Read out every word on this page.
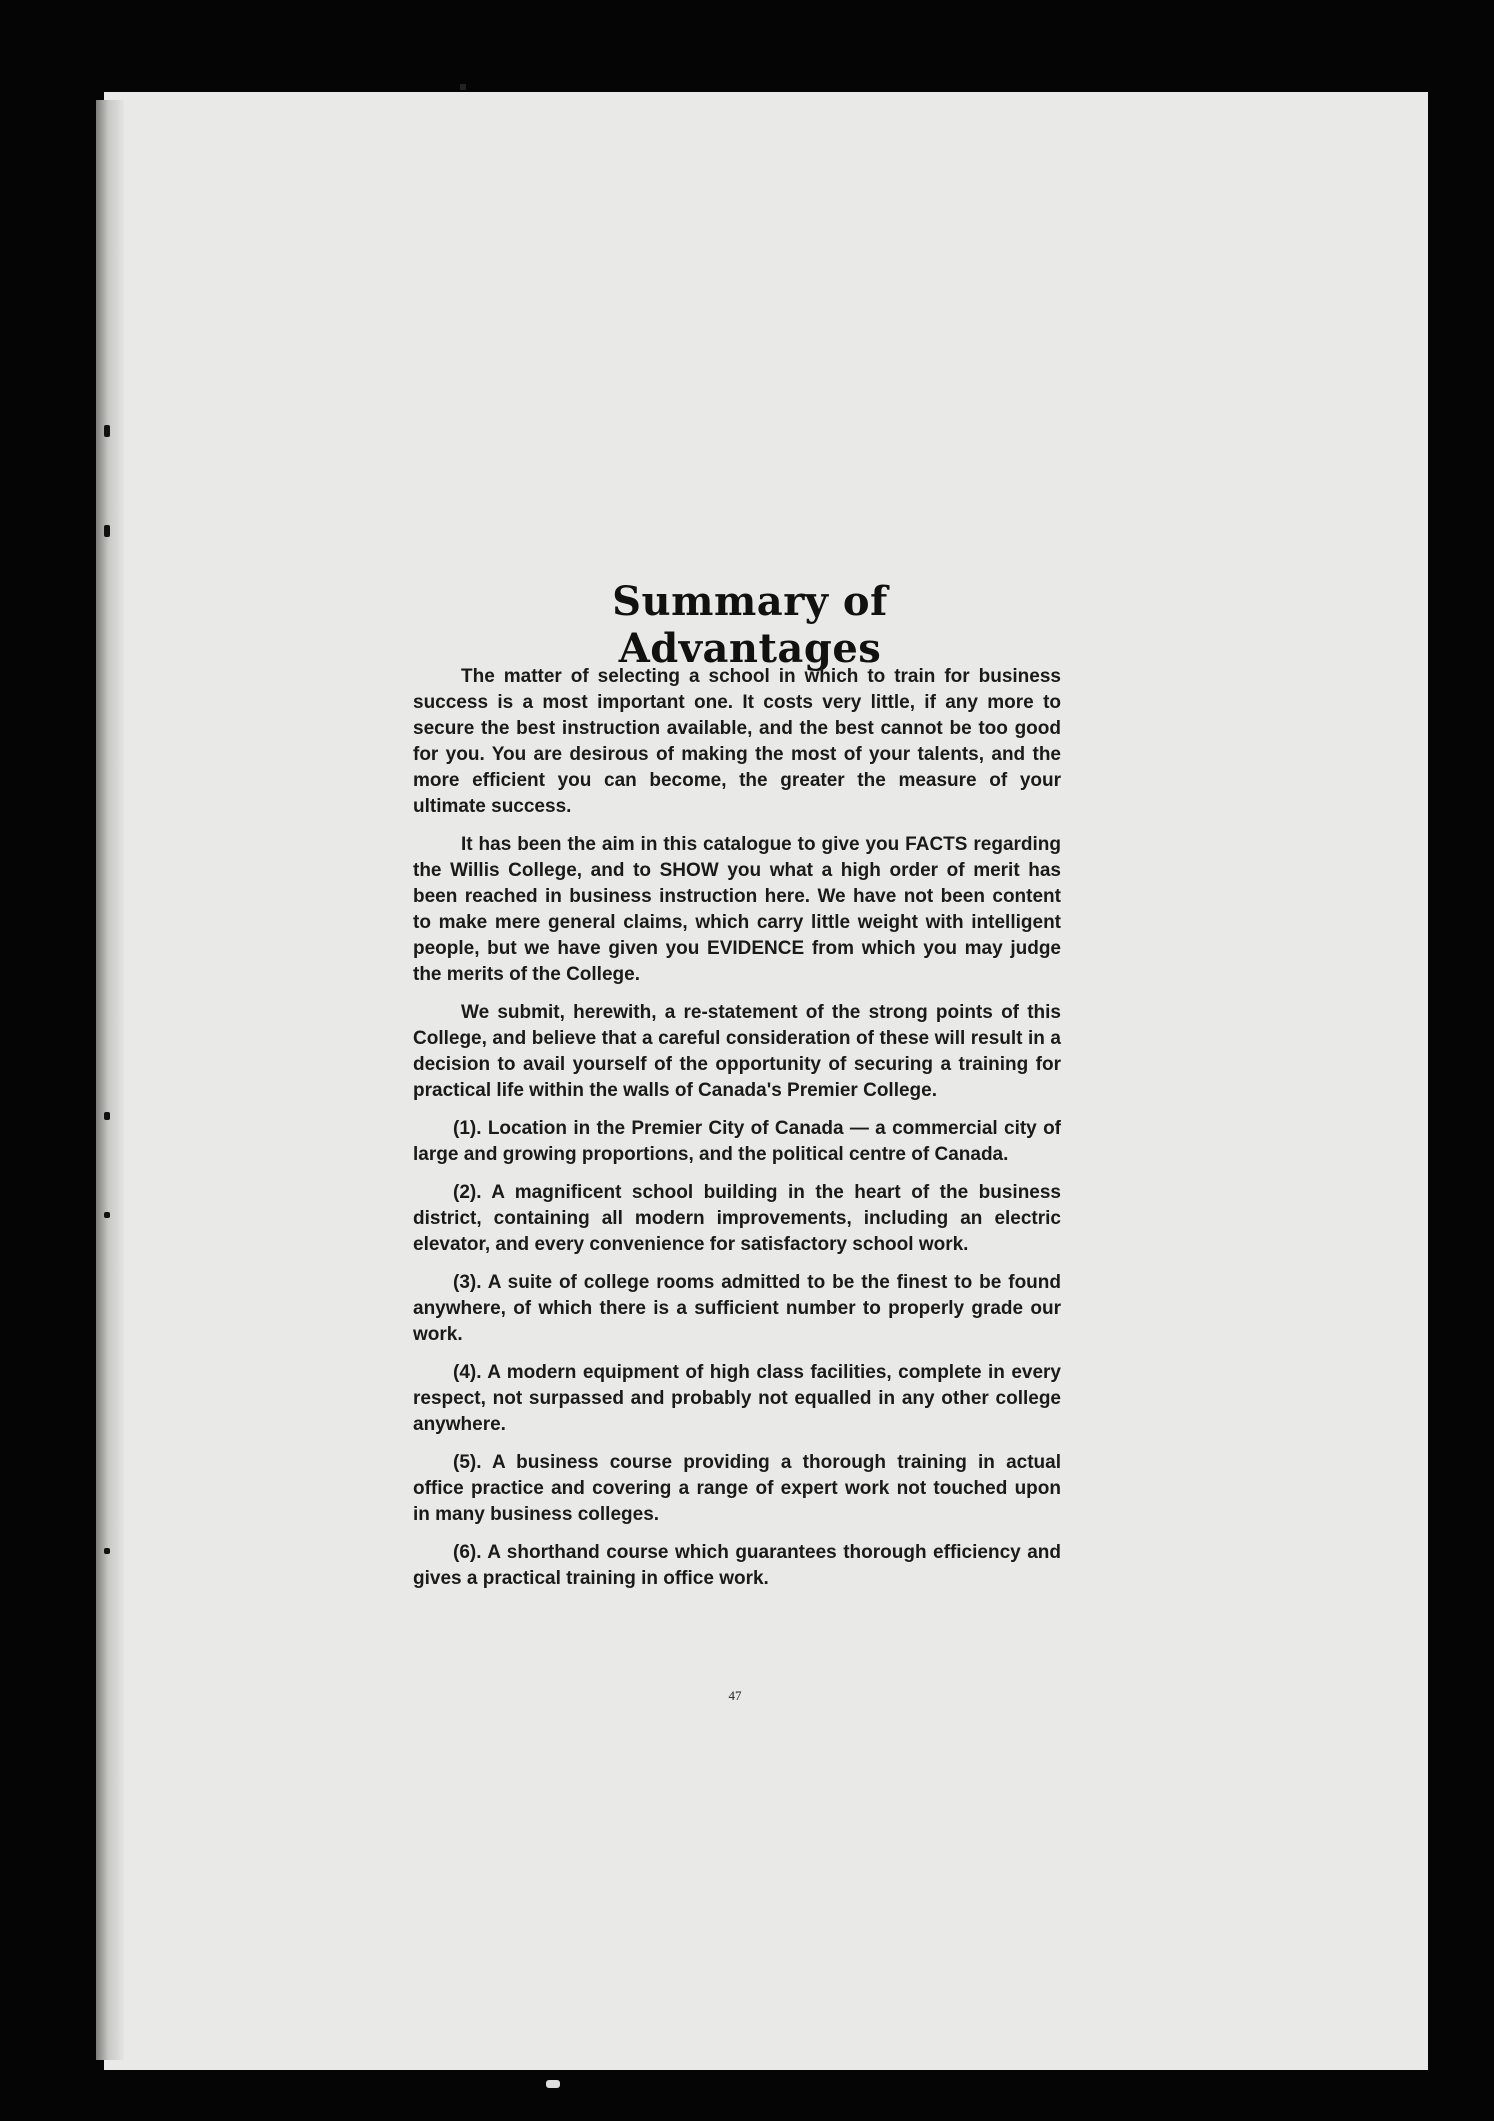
Summary of Advantages

The matter of selecting a school in which to train for business success is a most important one. It costs very little, if any more to secure the best instruction available, and the best cannot be too good for you. You are desirous of making the most of your talents, and the more efficient you can become, the greater the measure of your ultimate success.

It has been the aim in this catalogue to give you FACTS regarding the Willis College, and to SHOW you what a high order of merit has been reached in business instruction here. We have not been content to make mere general claims, which carry little weight with intelligent people, but we have given you EVIDENCE from which you may judge the merits of the College.

We submit, herewith, a re-statement of the strong points of this College, and believe that a careful consideration of these will result in a decision to avail yourself of the opportunity of securing a training for practical life within the walls of Canada's Premier College.

(1). Location in the Premier City of Canada — a commercial city of large and growing proportions, and the political centre of Canada.

(2). A magnificent school building in the heart of the business district, containing all modern improvements, including an electric elevator, and every convenience for satisfactory school work.

(3). A suite of college rooms admitted to be the finest to be found anywhere, of which there is a sufficient number to properly grade our work.

(4). A modern equipment of high class facilities, complete in every respect, not surpassed and probably not equalled in any other college anywhere.

(5). A business course providing a thorough training in actual office practice and covering a range of expert work not touched upon in many business colleges.

(6). A shorthand course which guarantees thorough efficiency and gives a practical training in office work.

47
